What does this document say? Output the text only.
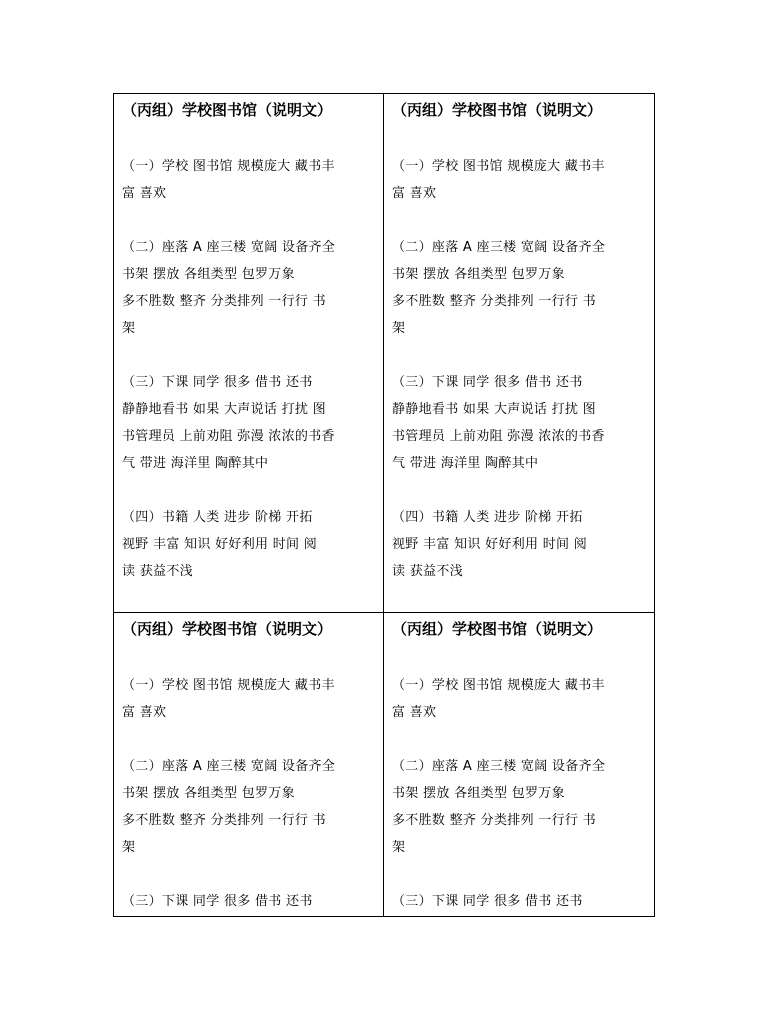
（丙组）学校图书馆（说明文）

（一）学校 图书馆 规模庞大 藏书丰

富 喜欢

（二）座落 A 座三楼 宽阔 设备齐全

书架 摆放 各组类型 包罗万象

多不胜数 整齐 分类排列 一行行 书

架

（三）下课 同学 很多 借书 还书

静静地看书 如果 大声说话 打扰 图

书管理员 上前劝阻 弥漫 浓浓的书香

气 带进 海洋里 陶醉其中

（四）书籍 人类 进步 阶梯 开拓

视野 丰富 知识 好好利用 时间 阅

读 获益不浅

（丙组）学校图书馆（说明文）

（一）学校 图书馆 规模庞大 藏书丰

富 喜欢

（二）座落 A 座三楼 宽阔 设备齐全

书架 摆放 各组类型 包罗万象

多不胜数 整齐 分类排列 一行行 书

架

（三）下课 同学 很多 借书 还书

静静地看书 如果 大声说话 打扰 图

书管理员 上前劝阻 弥漫 浓浓的书香

气 带进 海洋里 陶醉其中

（四）书籍 人类 进步 阶梯 开拓

视野 丰富 知识 好好利用 时间 阅

读 获益不浅

（丙组）学校图书馆（说明文）

（一）学校 图书馆 规模庞大 藏书丰

富 喜欢

（二）座落 A 座三楼 宽阔 设备齐全

书架 摆放 各组类型 包罗万象

多不胜数 整齐 分类排列 一行行 书

架

（三）下课 同学 很多 借书 还书

（丙组）学校图书馆（说明文）

（一）学校 图书馆 规模庞大 藏书丰

富 喜欢

（二）座落 A 座三楼 宽阔 设备齐全

书架 摆放 各组类型 包罗万象

多不胜数 整齐 分类排列 一行行 书

架

（三）下课 同学 很多 借书 还书
